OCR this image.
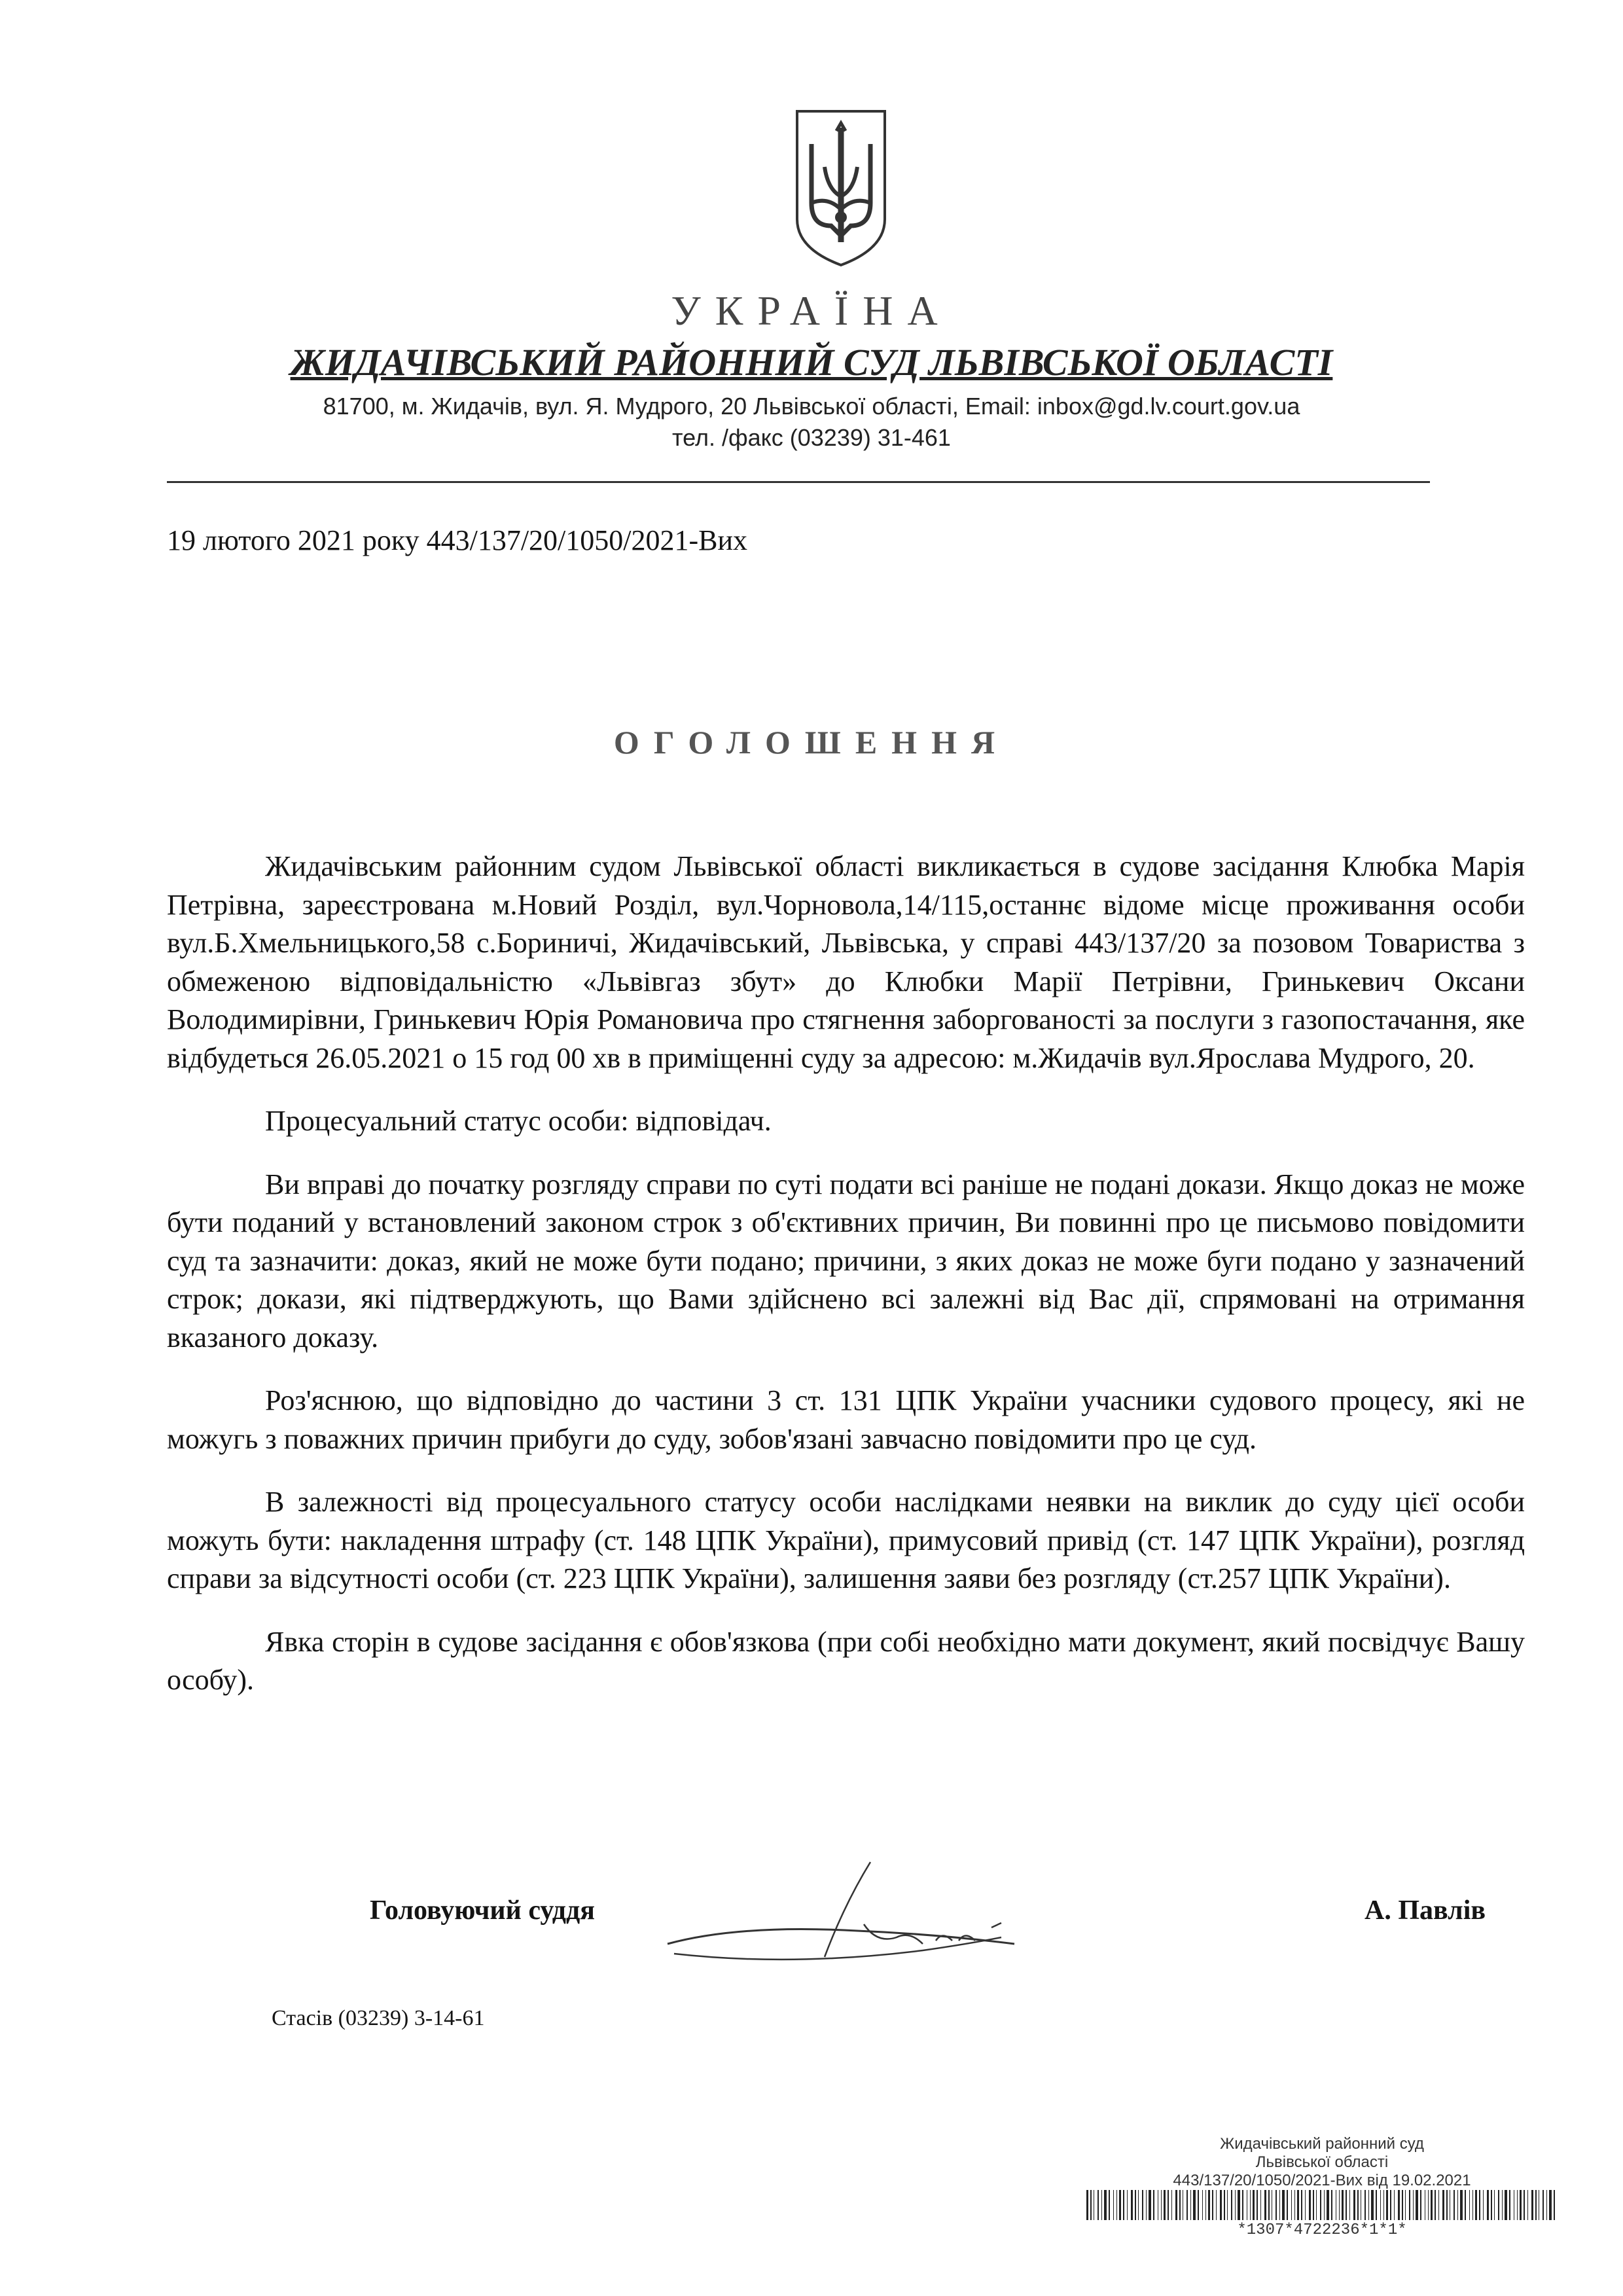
УКРАЇНА
ЖИДАЧІВСЬКИЙ РАЙОННИЙ СУД ЛЬВІВСЬКОЇ ОБЛАСТІ
81700, м. Жидачів, вул. Я. Мудрого, 20 Львівської області, Email: inbox@gd.lv.court.gov.ua
тел. /факс (03239) 31-461
19 лютого 2021 року 443/137/20/1050/2021-Вих
ОГОЛОШЕННЯ

Жидачівським районним судом Львівської області викликається в судове засідання Клюбка Марія Петрівна, зареєстрована м.Новий Розділ, вул.Чорновола,14/115,останнє відоме місце проживання особи вул.Б.Хмельницького,58 с.Бориничі, Жидачівський, Львівська, у справі 443/137/20 за позовом Товариства з обмеженою відповідальністю «Львівгаз збут» до Клюбки Марії Петрівни, Гринькевич Оксани Володимирівни, Гринькевич Юрія Романовича про стягнення заборгованості за послуги з газопостачання, яке відбудеться 26.05.2021 о 15 год 00 хв в приміщенні суду за адресою: м.Жидачів вул.Ярослава Мудрого, 20.

Процесуальний статус особи: відповідач.

Ви вправі до початку розгляду справи по суті подати всі раніше не подані докази. Якщо доказ не може бути поданий у встановлений законом строк з об'єктивних причин, Ви повинні про це письмово повідомити суд та зазначити: доказ, який не може бути подано; причини, з яких доказ не може буги подано у зазначений строк; докази, які підтверджують, що Вами здійснено всі залежні від Вас дії, спрямовані на отримання вказаного доказу.

Роз'яснюю, що відповідно до частини 3 ст. 131 ЦПК України учасники судового процесу, які не можугь з поважних причин прибуги до суду, зобов'язані завчасно повідомити про це суд.

В залежності від процесуального статусу особи наслідками неявки на виклик до суду цієї особи можуть бути: накладення штрафу (ст. 148 ЦПК України), примусовий привід (ст. 147 ЦПК України), розгляд справи за відсутності особи (ст. 223 ЦПК України), залишення заяви без розгляду (ст.257 ЦПК України).

Явка сторін в судове засідання є обов'язкова (при собі необхідно мати документ, який посвідчує Вашу особу).

Головуючий суддя	А. Павлів
Стасів (03239) 3-14-61
Жидачівський районний суд
Львівської області
443/137/20/1050/2021-Вих від 19.02.2021
*1307*4722236*1*1*
